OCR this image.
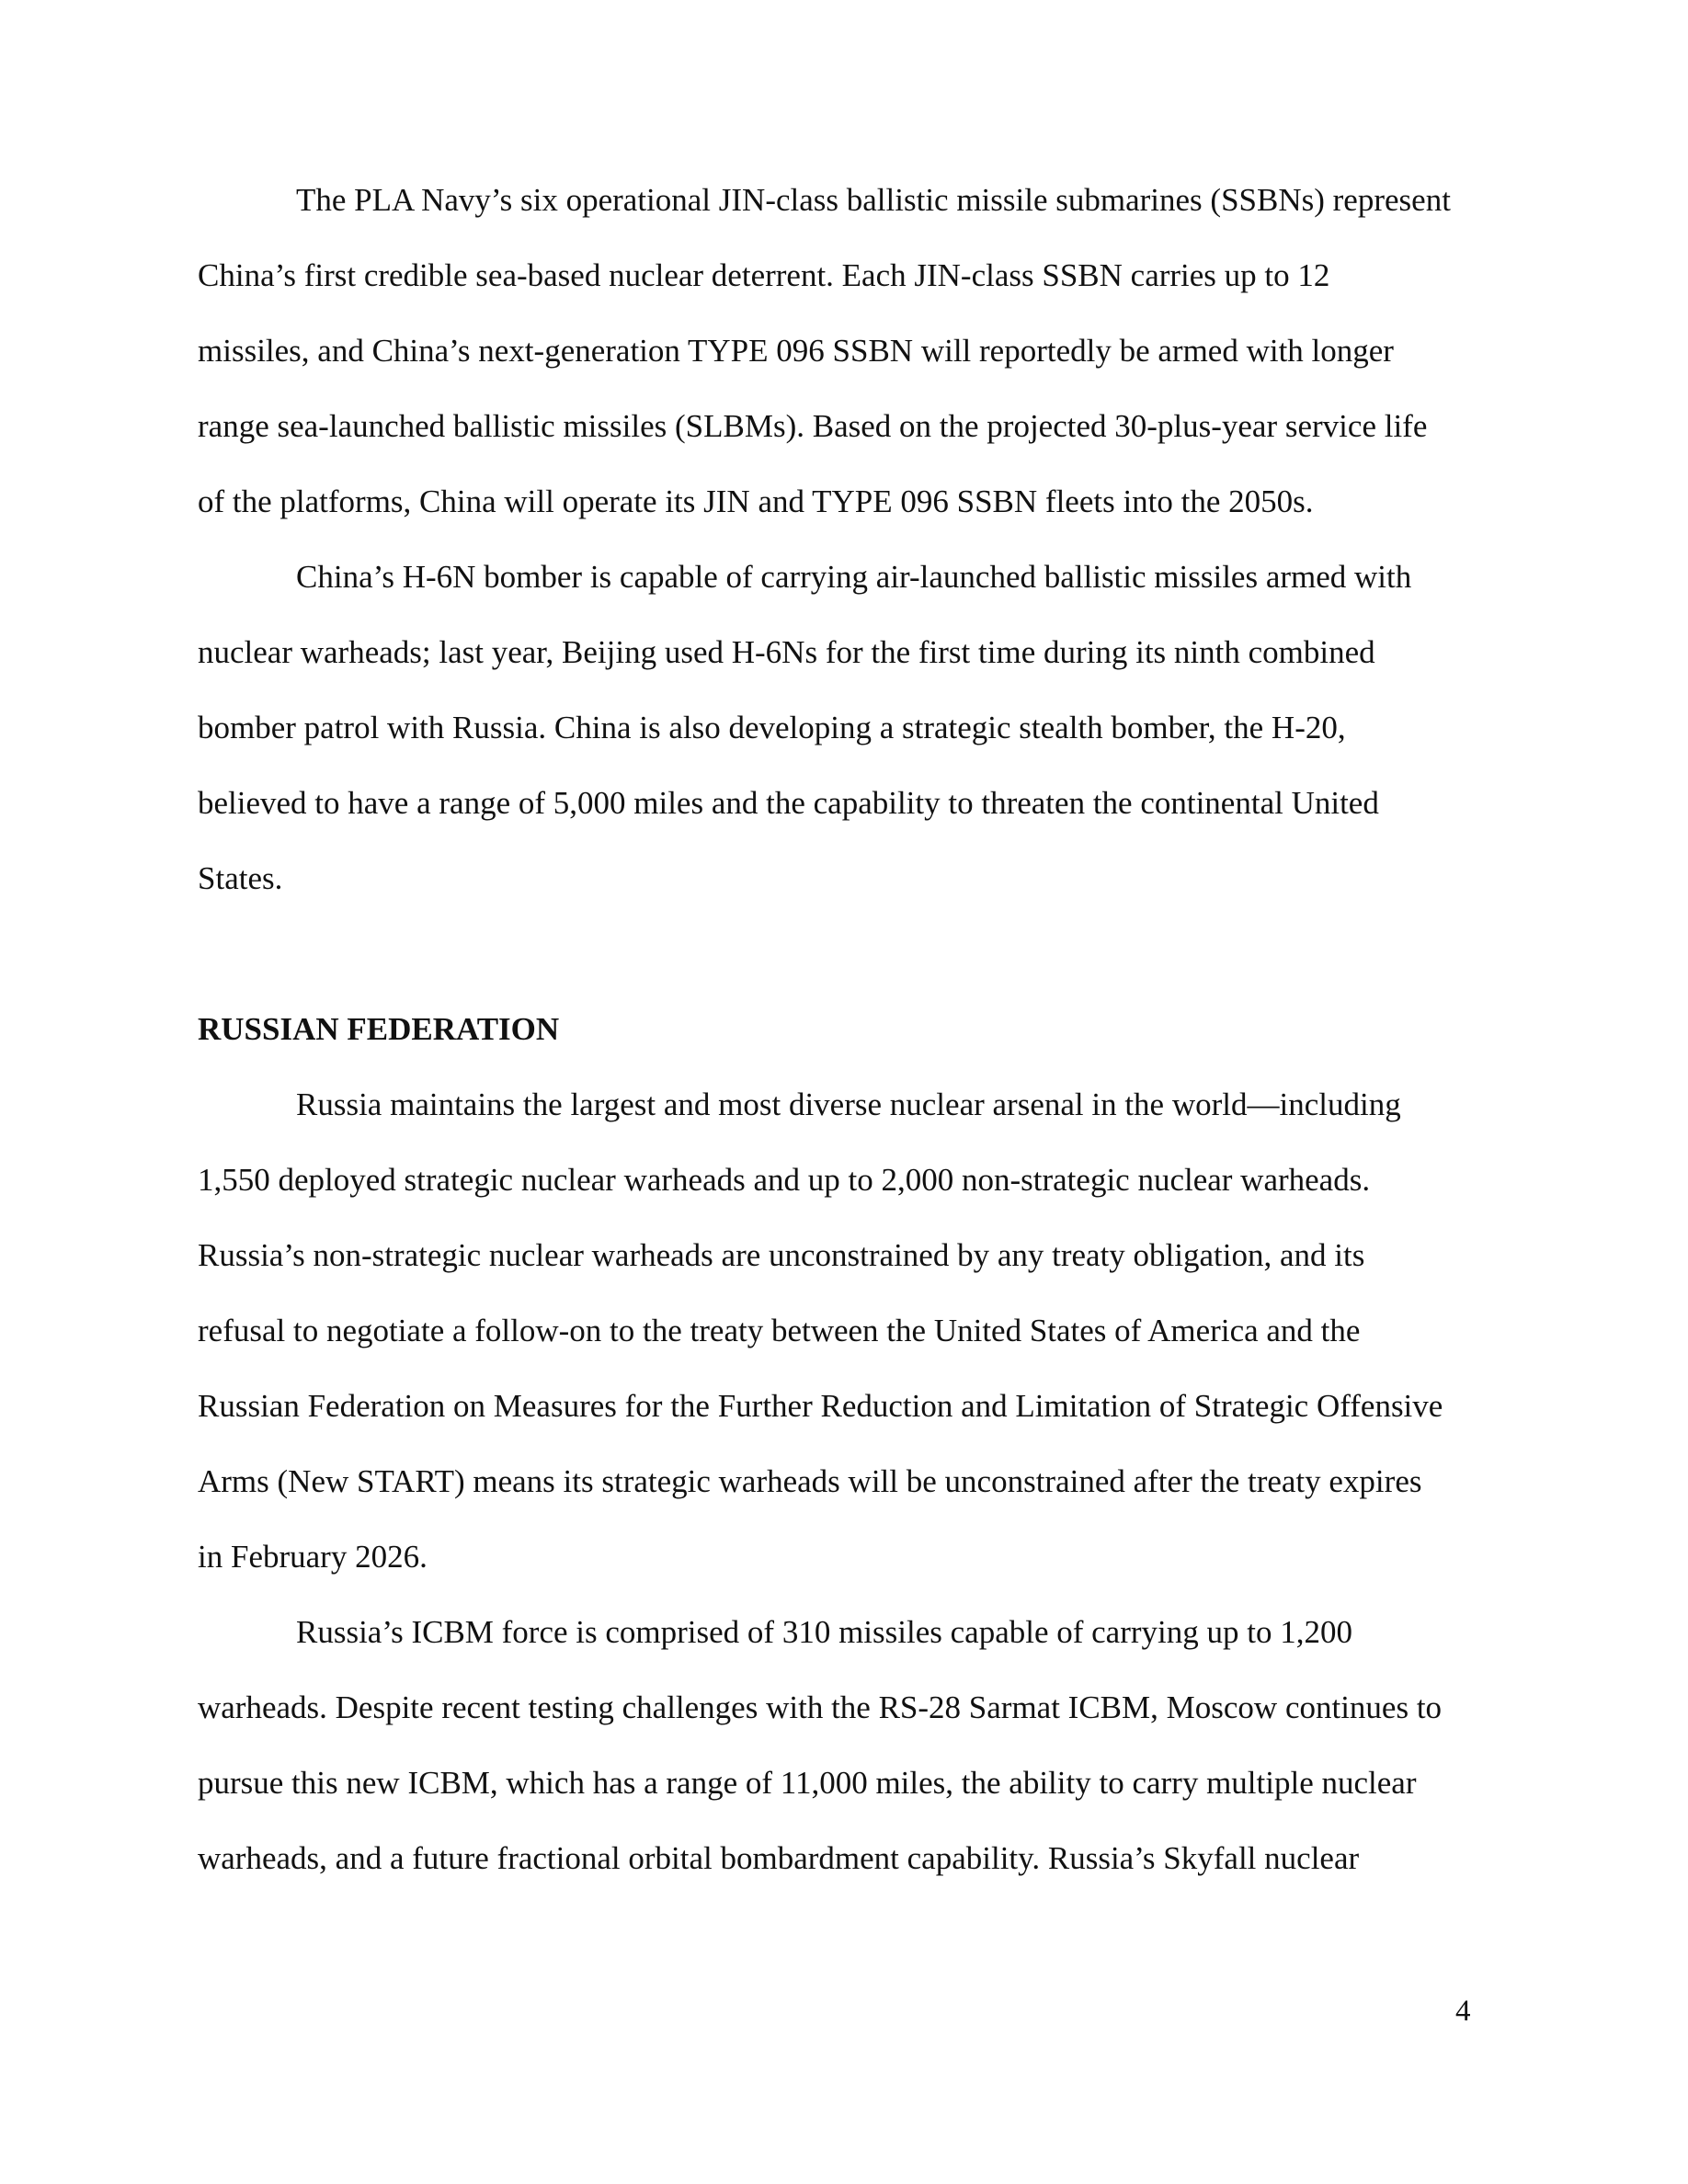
The PLA Navy’s six operational JIN-class ballistic missile submarines (SSBNs) represent
China’s first credible sea-based nuclear deterrent. Each JIN-class SSBN carries up to 12
missiles, and China’s next-generation TYPE 096 SSBN will reportedly be armed with longer
range sea-launched ballistic missiles (SLBMs). Based on the projected 30-plus-year service life
of the platforms, China will operate its JIN and TYPE 096 SSBN fleets into the 2050s.
China’s H-6N bomber is capable of carrying air-launched ballistic missiles armed with
nuclear warheads; last year, Beijing used H-6Ns for the first time during its ninth combined
bomber patrol with Russia. China is also developing a strategic stealth bomber, the H-20,
believed to have a range of 5,000 miles and the capability to threaten the continental United
States.
RUSSIAN FEDERATION
Russia maintains the largest and most diverse nuclear arsenal in the world—including
1,550 deployed strategic nuclear warheads and up to 2,000 non-strategic nuclear warheads.
Russia’s non-strategic nuclear warheads are unconstrained by any treaty obligation, and its
refusal to negotiate a follow-on to the treaty between the United States of America and the
Russian Federation on Measures for the Further Reduction and Limitation of Strategic Offensive
Arms (New START) means its strategic warheads will be unconstrained after the treaty expires
in February 2026.
Russia’s ICBM force is comprised of 310 missiles capable of carrying up to 1,200
warheads. Despite recent testing challenges with the RS-28 Sarmat ICBM, Moscow continues to
pursue this new ICBM, which has a range of 11,000 miles, the ability to carry multiple nuclear
warheads, and a future fractional orbital bombardment capability. Russia’s Skyfall nuclear
4
